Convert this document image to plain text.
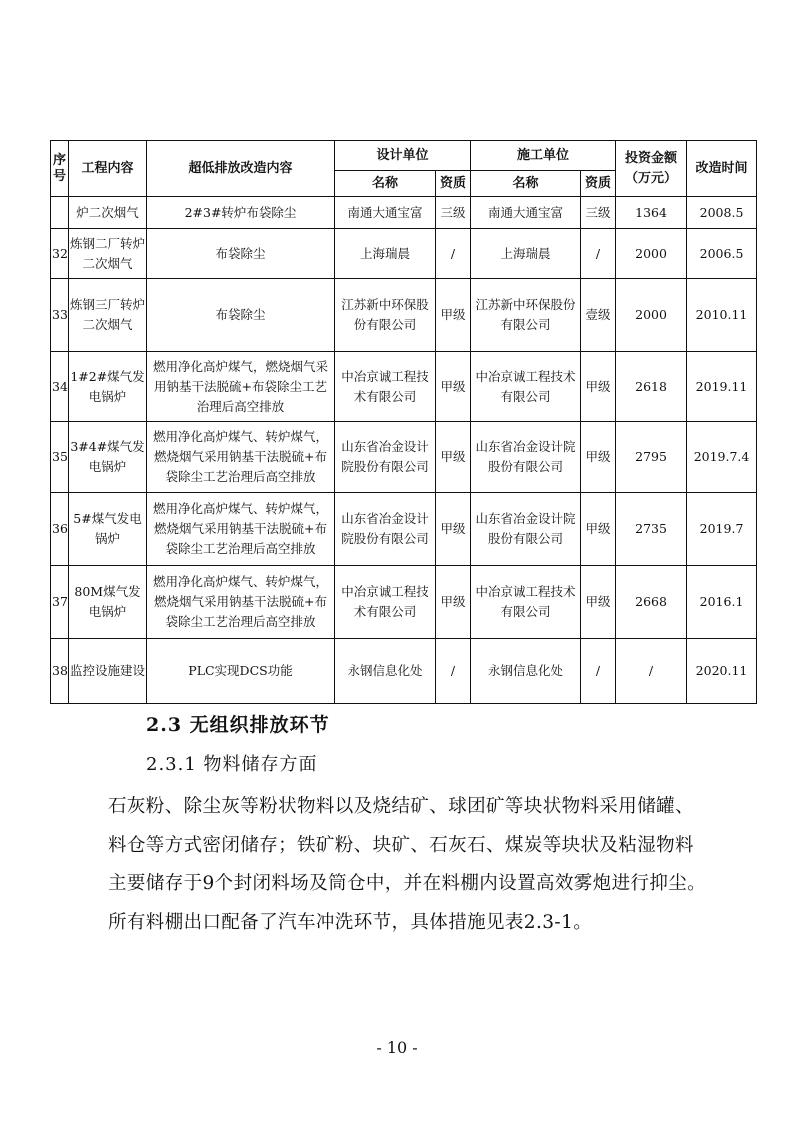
序号	工程内容	超低排放改造内容	设计单位		施工单位		投资金额（万元）	改造时间
			名称	资质	名称	资质		
	炉二次烟气	2#3#转炉布袋除尘	南通大通宝富	三级	南通大通宝富	三级	1364	2008.5
32	炼钢二厂转炉二次烟气	布袋除尘	上海瑞晨	/	上海瑞晨	/	2000	2006.5
33	炼钢三厂转炉二次烟气	布袋除尘	江苏新中环保股份有限公司	甲级	江苏新中环保股份有限公司	壹级	2000	2010.11
34	1#2#煤气发电锅炉	燃用净化高炉煤气，燃烧烟气采用钠基干法脱硫+布袋除尘工艺治理后高空排放	中冶京诚工程技术有限公司	甲级	中冶京诚工程技术有限公司	甲级	2618	2019.11
35	3#4#煤气发电锅炉	燃用净化高炉煤气、转炉煤气，燃烧烟气采用钠基干法脱硫+布袋除尘工艺治理后高空排放	山东省冶金设计院股份有限公司	甲级	山东省冶金设计院股份有限公司	甲级	2795	2019.7.4
36	5#煤气发电锅炉	燃用净化高炉煤气、转炉煤气，燃烧烟气采用钠基干法脱硫+布袋除尘工艺治理后高空排放	山东省冶金设计院股份有限公司	甲级	山东省冶金设计院股份有限公司	甲级	2735	2019.7
37	80M煤气发电锅炉	燃用净化高炉煤气、转炉煤气，燃烧烟气采用钠基干法脱硫+布袋除尘工艺治理后高空排放	中冶京诚工程技术有限公司	甲级	中冶京诚工程技术有限公司	甲级	2668	2016.1
38	监控设施建设	PLC实现DCS功能	永钢信息化处	/	永钢信息化处	/	/	2020.11
2.3 无组织排放环节
2.3.1 物料储存方面

石灰粉、除尘灰等粉状物料以及烧结矿、球团矿等块状物料采用储罐、料仓等方式密闭储存；铁矿粉、块矿、石灰石、煤炭等块状及粘湿物料主要储存于9个封闭料场及筒仓中，并在料棚内设置高效雾炮进行抑尘。所有料棚出口配备了汽车冲洗环节，具体措施见表2.3-1。

- 10 -
